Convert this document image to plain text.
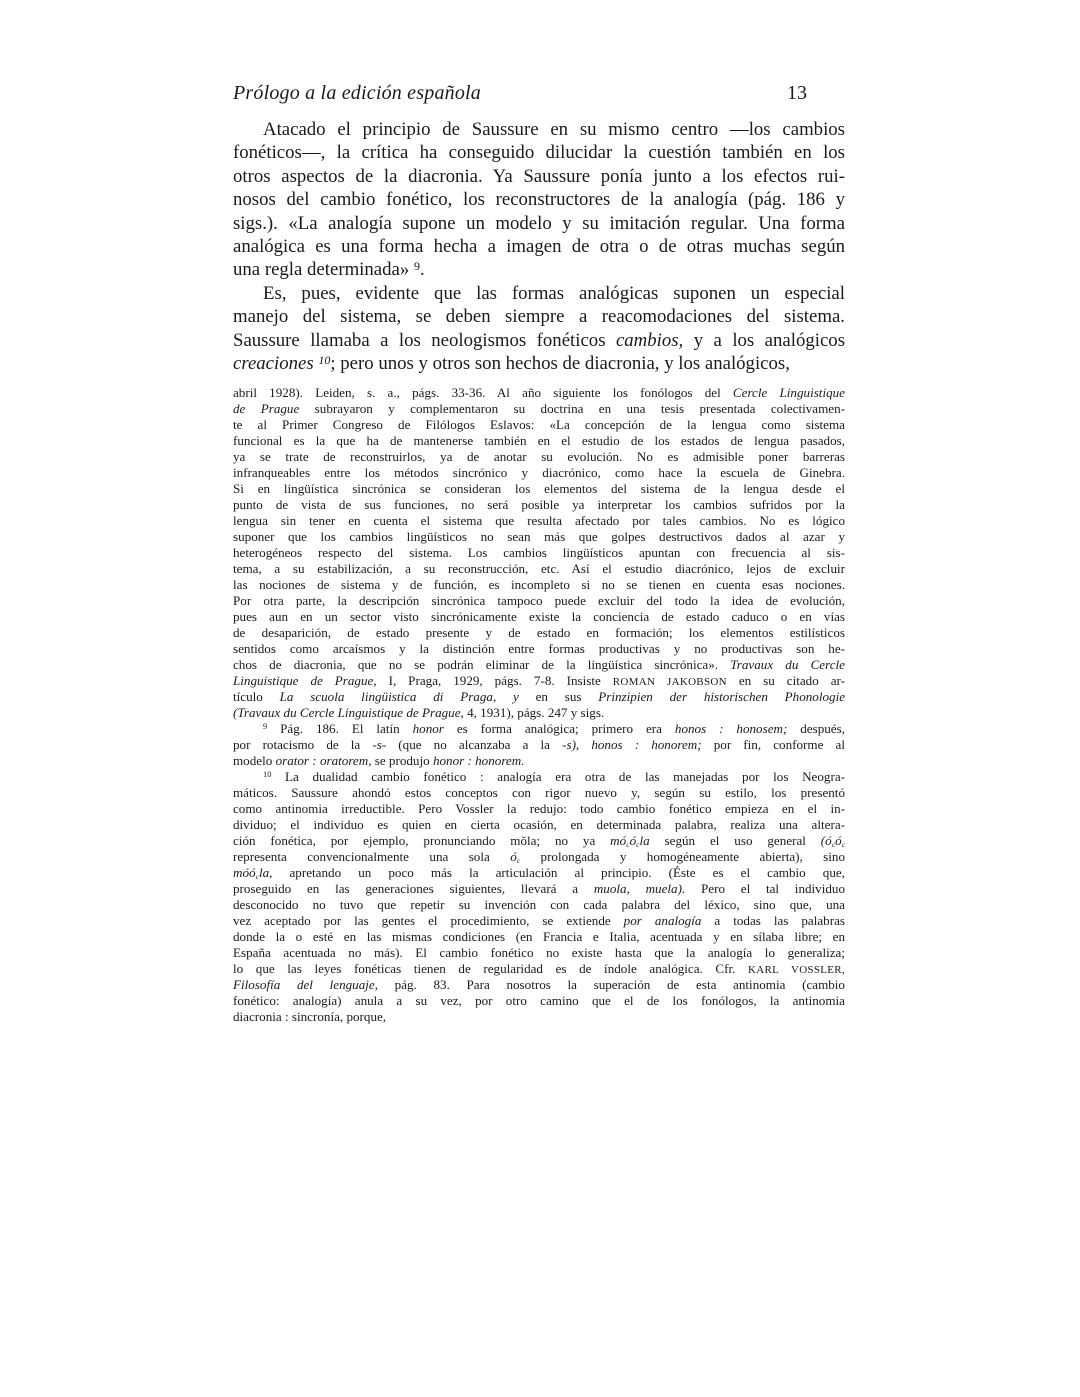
Prólogo a la edición española	13
Atacado el principio de Saussure en su mismo centro —los cambios
fonéticos—, la crítica ha conseguido dilucidar la cuestión también en los
otros aspectos de la diacronia. Ya Saussure ponía junto a los efectos rui-
nosos del cambio fonético, los reconstructores de la analogía (pág. 186 y
sigs.). «La analogía supone un modelo y su imitación regular. Una forma
analógica es una forma hecha a imagen de otra o de otras muchas según
una regla determinada» $^9$.
Es, pues, evidente que las formas analógicas suponen un especial
manejo del sistema, se deben siempre a reacomodaciones del sistema.
Saussure llamaba a los neologismos fonéticos cambios, y a los analógicos
creaciones $^{10}$; pero unos y otros son hechos de diacronia, y los analógicos,
abril 1928). Leiden, s. a., págs. 33-36. Al año siguiente los fonólogos del Cercle Linguistique
de Prague subrayaron y complementaron su doctrina en una tesis presentada colectivamen-
te al Primer Congreso de Filólogos Eslavos: «La concepción de la lengua como sistema
funcional es la que ha de mantenerse también en el estudio de los estados de lengua pasados,
ya se trate de reconstruirlos, ya de anotar su evolución. No es admisible poner barreras
infranqueables entre los métodos sincrónico y diacrónico, como hace la escuela de Ginebra.
Si en lingüística sincrónica se consideran los elementos del sistema de la lengua desde el
punto de vista de sus funciones, no será posible ya interpretar los cambios sufridos por la
lengua sin tener en cuenta el sistema que resulta afectado por tales cambios. No es lógico
suponer que los cambios lingüísticos no sean más que golpes destructivos dados al azar y
heterogéneos respecto del sistema. Los cambios lingüísticos apuntan con frecuencia al sis-
tema, a su estabilización, a su reconstrucción, etc. Así el estudio diacrónico, lejos de excluir
las nociones de sistema y de función, es incompleto si no se tienen en cuenta esas nociones.
Por otra parte, la descripción sincrónica tampoco puede excluir del todo la idea de evolución,
pues aun en un sector visto sincrónicamente existe la conciencia de estado caduco o en vías
de desaparición, de estado presente y de estado en formación; los elementos estilísticos
sentidos como arcaísmos y la distinción entre formas productivas y no productivas son he-
chos de diacronia, que no se podrán eliminar de la lingüística sincrónica». Travaux du Cercle
Linguistique de Prague, I, Praga, 1929, págs. 7-8. Insiste ROMAN JAKOBSON en su citado ar-
tículo La scuola lingüistica di Praga, y en sus Prinzipien der historischen Phonologie
(Travaux du Cercle Linguistique de Prague, 4, 1931), págs. 247 y sigs.
$^9$ Pág. 186. El latín honor es forma analógica; primero era honos : honosem; después,
por rotacismo de la -s- (que no alcanzaba a la -s), honos : honorem; por fin, conforme al
modelo orator : oratorem, se produjo honor : honorem.
$^{10}$ La dualidad cambio fonético : analogía era otra de las manejadas por los Neogra-
máticos. Saussure ahondó estos conceptos con rigor nuevo y, según su estilo, los presentó
como antinomia irreductible. Pero Vossler la redujo: todo cambio fonético empieza en el in-
dividuo; el individuo es quien en cierta ocasión, en determinada palabra, realiza una altera-
ción fonética, por ejemplo, pronunciando mŏla; no ya $mó_có_cla$ según el uso general ($ó_có_c$
representa convencionalmente una sola $ó_c$ prolongada y homogéneamente abierta), sino
móó$_c$la, apretando un poco más la articulación al principio. (Éste es el cambio que,
proseguido en las generaciones siguientes, llevará a muola, muela). Pero el tal individuo
desconocido no tuvo que repetir su invención con cada palabra del léxico, sino que, una
vez aceptado por las gentes el procedimiento, se extiende por analogía a todas las palabras
donde la o esté en las mismas condiciones (en Francia e Italia, acentuada y en sílaba libre; en
España acentuada no más). El cambio fonético no existe hasta que la analogía lo generaliza;
lo que las leyes fonéticas tienen de regularidad es de índole analógica. Cfr. KARL VOSSLER,
Filosofía del lenguaje, pág. 83. Para nosotros la superación de esta antinomia (cambio
fonético: analogía) anula a su vez, por otro camino que el de los fonólogos, la antinomia
diacronia : sincronía, porque,
